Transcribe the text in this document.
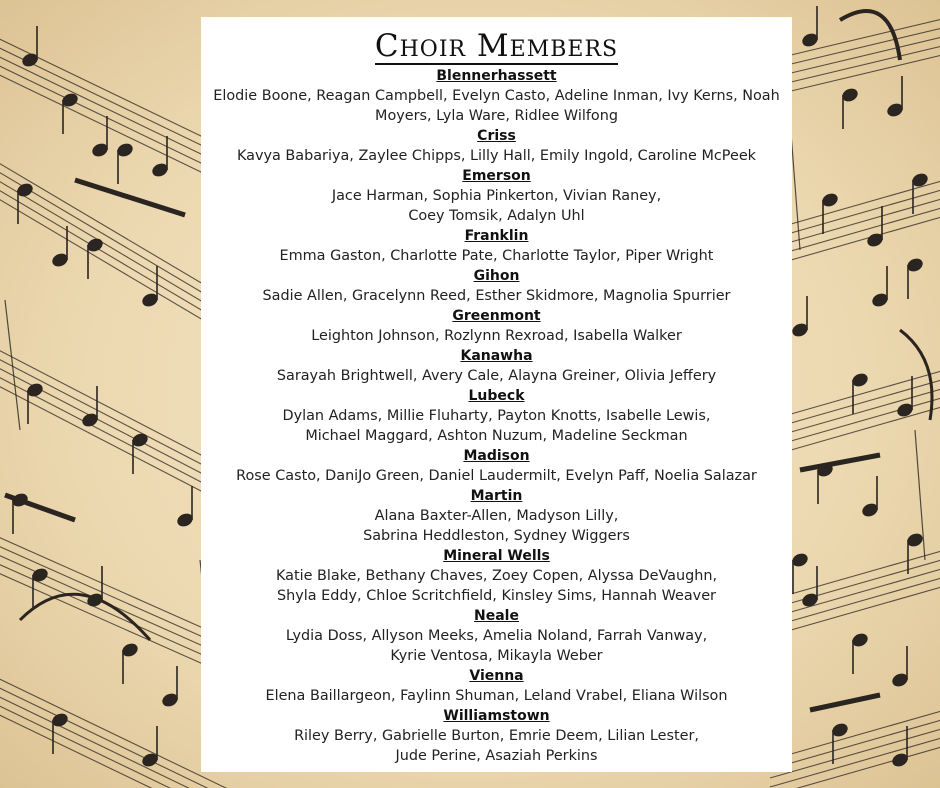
Choir Members
Blennerhassett
Elodie Boone, Reagan Campbell, Evelyn Casto, Adeline Inman, Ivy Kerns, Noah
Moyers, Lyla Ware, Ridlee Wilfong
Criss
Kavya Babariya, Zaylee Chipps, Lilly Hall, Emily Ingold, Caroline McPeek
Emerson
Jace Harman, Sophia Pinkerton, Vivian Raney,
Coey Tomsik, Adalyn Uhl
Franklin
Emma Gaston, Charlotte Pate, Charlotte Taylor, Piper Wright
Gihon
Sadie Allen, Gracelynn Reed, Esther Skidmore, Magnolia Spurrier
Greenmont
Leighton Johnson, Rozlynn Rexroad, Isabella Walker
Kanawha
Sarayah Brightwell, Avery Cale, Alayna Greiner, Olivia Jeffery
Lubeck
Dylan Adams, Millie Fluharty, Payton Knotts, Isabelle Lewis,
Michael Maggard, Ashton Nuzum, Madeline Seckman
Madison
Rose Casto, DaniJo Green, Daniel Laudermilt, Evelyn Paff, Noelia Salazar
Martin
Alana Baxter-Allen, Madyson Lilly,
Sabrina Heddleston, Sydney Wiggers
Mineral Wells
Katie Blake, Bethany Chaves, Zoey Copen, Alyssa DeVaughn,
Shyla Eddy, Chloe Scritchfield, Kinsley Sims, Hannah Weaver
Neale
Lydia Doss, Allyson Meeks, Amelia Noland, Farrah Vanway,
Kyrie Ventosa, Mikayla Weber
Vienna
Elena Baillargeon, Faylinn Shuman, Leland Vrabel, Eliana Wilson
Williamstown
Riley Berry, Gabrielle Burton, Emrie Deem, Lilian Lester,
Jude Perine, Asaziah Perkins
